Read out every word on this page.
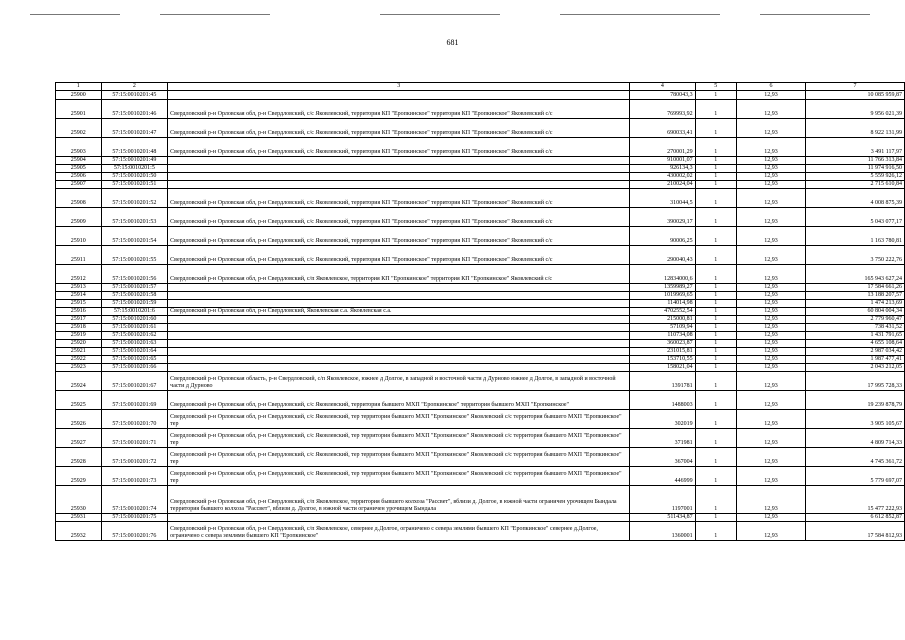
681
1	2	3	4	5	6	7
25900	57:15:0010201:45		780043,3	1	12,93	10 085 959,87
25901	57:15:0010201:46	Свердловский р-н Орловская обл, р-н Свердловский, с/с Яковлевский, территория КП "Еропкинское" территория КП "Еропкинское" Яковлевский с/с	769993,92	1	12,93	9 956 021,39
25902	57:15:0010201:47	Свердловский р-н Орловская обл, р-н Свердловский, с/с Яковлевский, территория КП "Еропкинское" территория КП "Еропкинское" Яковлевский с/с	690033,41	1	12,93	8 922 131,99
25903	57:15:0010201:48	Свердловский р-н Орловская обл, р-н Свердловский, с/с Яковлевский, территория КП "Еропкинское" территория КП "Еропкинское" Яковлевский с/с	270001,29	1	12,93	3 491 117,97
25904	57:15:0010201:49		910001,07	1	12,93	11 766 313,84
25905	57:15:0010201:5		926134,3	1	12,93	11 974 916,50
25906	57:15:0010201:50		430002,02	1	12,93	5 559 926,12
25907	57:15:0010201:51		210024,04	1	12,93	2 715 610,84
25908	57:15:0010201:52	Свердловский р-н Орловская обл, р-н Свердловский, с/с Яковлевский, территория КП "Еропкинское" территория КП "Еропкинское" Яковлевский с/с	310044,5	1	12,93	4 008 875,39
25909	57:15:0010201:53	Свердловский р-н Орловская обл, р-н Свердловский, с/с Яковлевский, территория КП "Еропкинское" территория КП "Еропкинское" Яковлевский с/с	390029,17	1	12,93	5 043 077,17
25910	57:15:0010201:54	Свердловский р-н Орловская обл, р-н Свердловский, с/с Яковлевский, территория КП "Еропкинское" территория КП "Еропкинское" Яковлевский с/с	90006,25	1	12,93	1 163 780,81
25911	57:15:0010201:55	Свердловский р-н Орловская обл, р-н Свердловский, с/с Яковлевский, территория КП "Еропкинское" территория КП "Еропкинское" Яковлевский с/с	290040,43	1	12,93	3 750 222,76
25912	57:15:0010201:56	Свердловский р-н Орловская обл, р-н Свердловский, с/п Яковлевское, территория КП "Еропкинское" территория КП "Еропкинское" Яковлевский с/с	12834000,6	1	12,93	165 943 627,24
25913	57:15:0010201:57		1359989,27	1	12,93	17 584 661,26
25914	57:15:0010201:58		1019969,65	1	12,93	13 188 207,57
25915	57:15:0010201:59		114014,98	1	12,93	1 474 213,69
25916	57:15:0010201:6	Свердловский р-н Орловская обл, р-н Свердловский, Яковлевская с.а. Яковлевская с.а.	4702552,54	1	12,93	60 804 004,34
25917	57:15:0010201:60		215000,81	1	12,93	2 779 960,47
25918	57:15:0010201:61		57109,94	1	12,93	738 431,52
25919	57:15:0010201:62		110734,08	1	12,93	1 431 791,65
25920	57:15:0010201:63		360023,87	1	12,93	4 655 108,64
25921	57:15:0010201:64		231015,81	1	12,93	2 987 034,42
25922	57:15:0010201:65		153710,55	1	12,93	1 987 477,41
25923	57:15:0010201:66		158021,04	1	12,93	2 043 212,05
25924	57:15:0010201:67	Свердловский р-н Орловская область, р-н Свердловский, с/п Яковлевское, южнее д Долгое, в западной и восточной части д Дурново южнее д Долгое, в западной и восточной части д Дурново	1391781	1	12,93	17 995 728,33
25925	57:15:0010201:69	Свердловский р-н Орловская обл, р-н Свердловский, с/с Яковлевский, территория бывшего МХП "Еропкинское" территория бывшего МХП "Еропкинское"	1488003	1	12,93	19 239 878,79
25926	57:15:0010201:70	Свердловский р-н Орловская обл, р-н Свердловский, с/с Яковлевский, тер территория бывшего МХП "Еропкинское" Яковлевский с/с территория бывшего МХП "Еропкинское" тер	302019	1	12,93	3 905 105,67
25927	57:15:0010201:71	Свердловский р-н Орловская обл, р-н Свердловский, с/с Яковлевский, тер территория бывшего МХП "Еропкинское" Яковлевский с/с территория бывшего МХП "Еропкинское" тер	371981	1	12,93	4 809 714,33
25928	57:15:0010201:72	Свердловский р-н Орловская обл, р-н Свердловский, с/с Яковлевский, тер территория бывшего МХП "Еропкинское" Яковлевский с/с территория бывшего МХП "Еропкинское" тер	367004	1	12,93	4 745 361,72
25929	57:15:0010201:73	Свердловский р-н Орловская обл, р-н Свердловский, с/с Яковлевский, тер территория бывшего МХП "Еропкинское" Яковлевский с/с территория бывшего МХП "Еропкинское" тер	446999	1	12,93	5 779 697,07
25930	57:15:0010201:74	Свердловский р-н Орловская обл, р-н Свердловский, с/п Яковлевское, территория бывшего колхоза "Рассвет", вблизи д. Долгое, в южной части ограничен урочищем Бындала территория бывшего колхоза "Рассвет", вблизи д. Долгое, в южной части ограничен урочищем Бындала	1197001	1	12,93	15 477 222,93
25931	57:15:0010201:75		511434,87	1	12,93	6 612 852,87
25932	57:15:0010201:76	Свердловский р-н Орловская обл, р-н Свердловский, с/п Яковлевское, севернее д.Долгое, ограничено с севера землями бывшего КП "Еропкинское" севернее д.Долгое, ограничено с севера землями бывшего КП "Еропкинское"	1360001	1	12,93	17 584 812,93
